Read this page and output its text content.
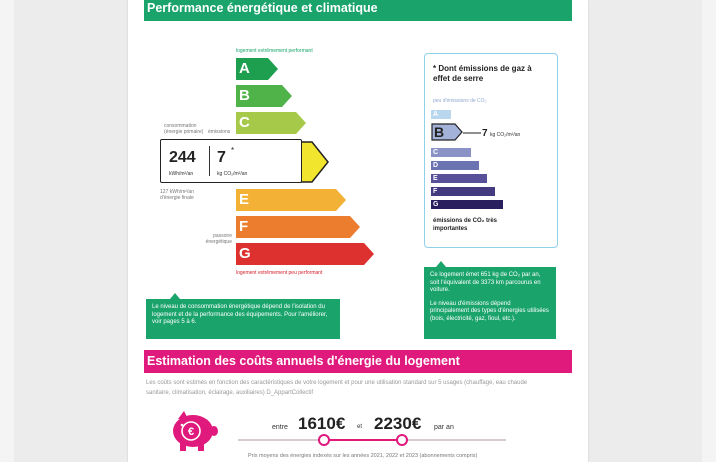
Performance énergétique et climatique
logement extrêmement performant
A
B
C
E
F
G
logement extrêmement peu performant
consommation (énergie primaire) émissions
244 7 *
kWh/m²/an	kg CO₂/m²/an
127 kWh/m²/an d'énergie finale
passoire énergétique
Le niveau de consommation énergétique dépend de l'isolation du logement et de la performance des équipements. Pour l'améliorer, voir pages 5 à 6.
* Dont émissions de gaz à effet de serre
peu d'émissions de CO₂
A
B	7 kg CO₂/m²/an
C
D
E
F
G
émissions de CO₂ très importantes
Ce logement émet 651 kg de CO₂ par an, soit l'équivalent de 3373 km parcourus en voiture.
Le niveau d'émissions dépend principalement des types d'énergies utilisées (bois, électricité, gaz, fioul, etc.).
Estimation des coûts annuels d'énergie du logement
Les coûts sont estimés en fonction des caractéristiques de votre logement et pour une utilisation standard sur 5 usages (chauffage, eau chaude sanitaire, climatisation, éclairage, auxiliaires) D_AppartCollectif
€	entre 1610€ et 2230€ par an
Prix moyens des énergies indexés sur les années 2021, 2022 et 2023 (abonnements compris)
